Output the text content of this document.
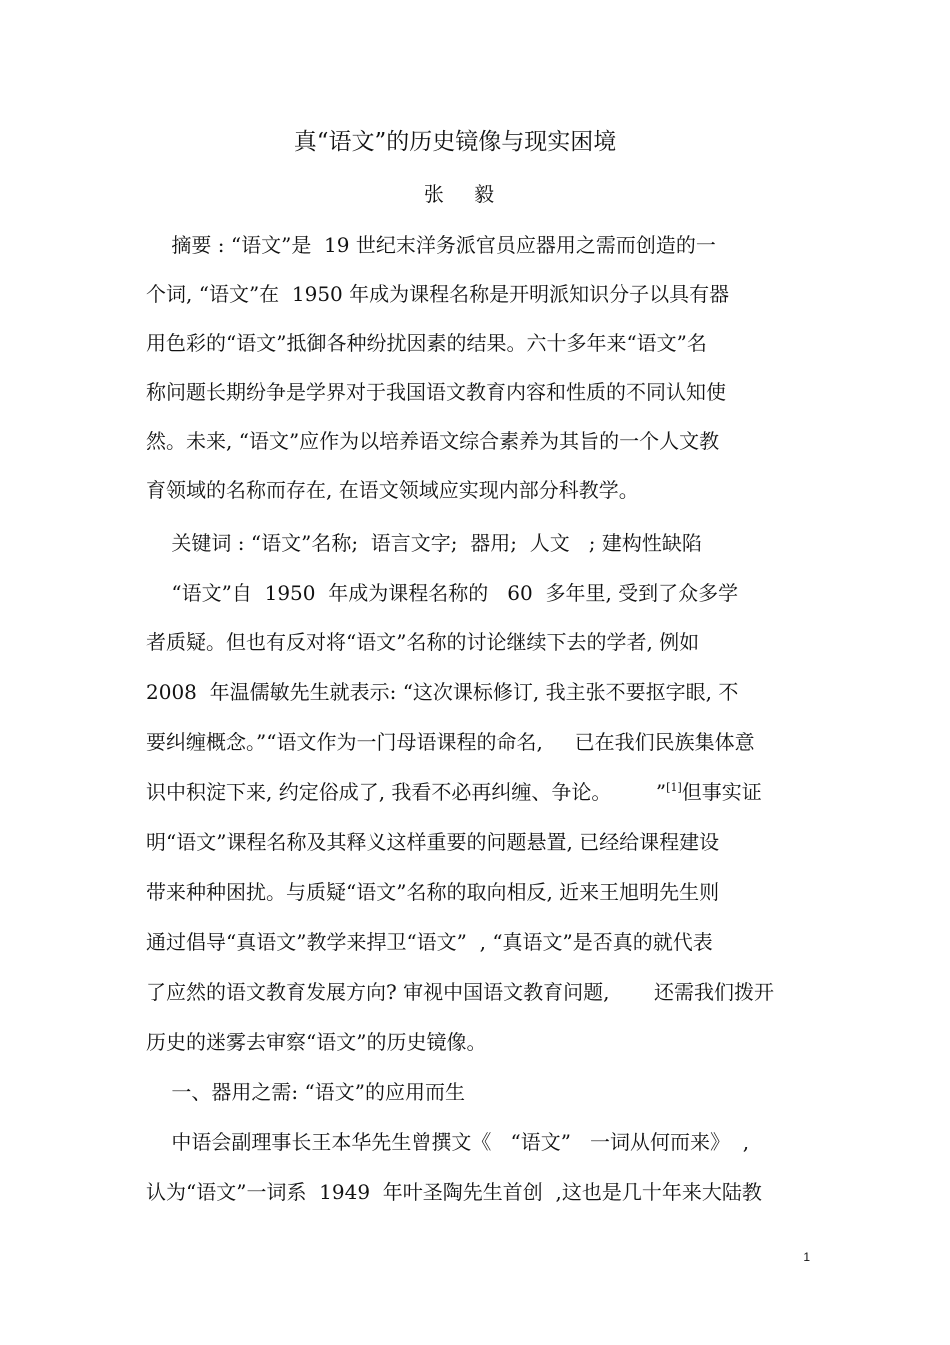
真“语文”的历史镜像与现实困境
张 毅
摘要 : “语文”是  19 世纪末洋务派官员应器用之需而创造的一
个词, “语文”在  1950 年成为课程名称是开明派知识分子以具有器
用色彩的“语文”抵御各种纷扰因素的结果。六十多年来“语文”名
称问题长期纷争是学界对于我国语文教育内容和性质的不同认知使
然。未来, “语文”应作为以培养语文综合素养为其旨的一个人文教
育领域的名称而存在, 在语文领域应实现内部分科教学。
关键词 : “语文”名称;  语言文字;  器用;  人文   ; 建构性缺陷
“语文”自  1950  年成为课程名称的   60  多年里, 受到了众多学
者质疑。但也有反对将“语文”名称的讨论继续下去的学者, 例如
2008  年温儒敏先生就表示: “这次课标修订, 我主张不要抠字眼, 不
要纠缠概念。”“语文作为一门母语课程的命名,     已在我们民族集体意
识中积淀下来, 约定俗成了, 我看不必再纠缠、争论。       ”[1]但事实证
明“语文”课程名称及其释义这样重要的问题悬置, 已经给课程建设
带来种种困扰。与质疑“语文”名称的取向相反, 近来王旭明先生则
通过倡导“真语文”教学来捍卫“语文”  , “真语文”是否真的就代表
了应然的语文教育发展方向? 审视中国语文教育问题,       还需我们拨开
历史的迷雾去审察“语文”的历史镜像。
一、器用之需: “语文”的应用而生
中语会副理事长王本华先生曾撰文《   “语文”   一词从何而来》  ,
认为“语文”一词系  1949  年叶圣陶先生首创  ,这也是几十年来大陆教
1
